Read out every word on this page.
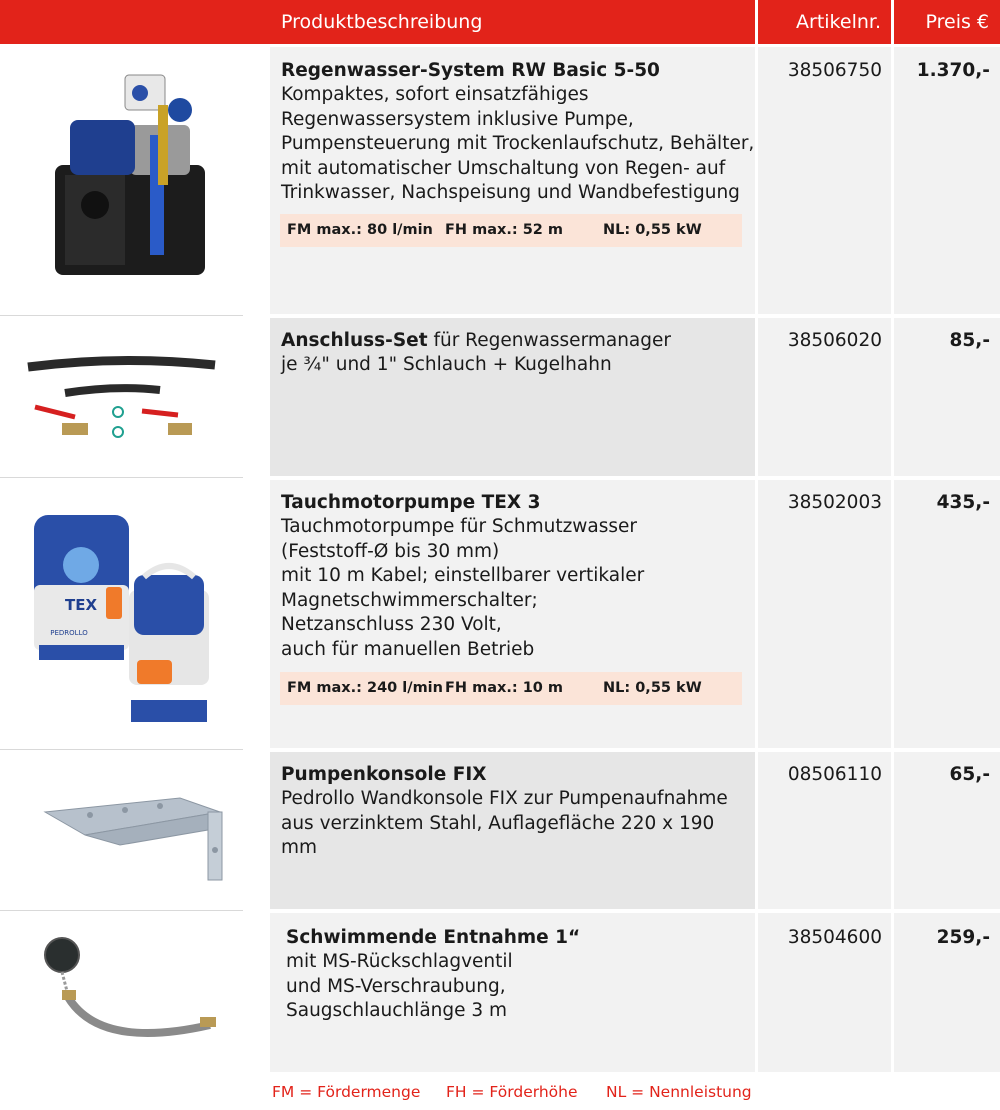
Produktbeschreibung	Artikelnr.	Preis €
Regenwasser-System RW Basic 5-50
Kompaktes, sofort einsatzfähiges
Regenwassersystem inklusive Pumpe,
Pumpensteuerung mit Trockenlaufschutz, Behälter,
mit automatischer Umschaltung von Regen- auf
Trinkwasser, Nachspeisung und Wandbefestigung
FM max.: 80 l/min FH max.: 52 m	NL: 0,55 kW
38506750	1.370,-
Anschluss-Set für Regenwassermanager
je ¾" und 1" Schlauch + Kugelhahn
38506020	85,-
TEX
PEDROLLO
Tauchmotorpumpe TEX 3
Tauchmotorpumpe für Schmutzwasser
(Feststoff-Ø bis 30 mm)
mit 10 m Kabel; einstellbarer vertikaler
Magnetschwimmerschalter;
Netzanschluss 230 Volt,
auch für manuellen Betrieb
FM max.: 240 l/min FH max.: 10 m	NL: 0,55 kW
38502003	435,-
Pumpenkonsole FIX
Pedrollo Wandkonsole FIX zur Pumpenaufnahme
aus verzinktem Stahl, Auflagefläche 220 x 190 mm
08506110	65,-
Schwimmende Entnahme 1“
mit MS-Rückschlagventil
und MS-Verschraubung,
Saugschlauchlänge 3 m
38504600	259,-
FM = Fördermenge FH = Förderhöhe NL = Nennleistung
